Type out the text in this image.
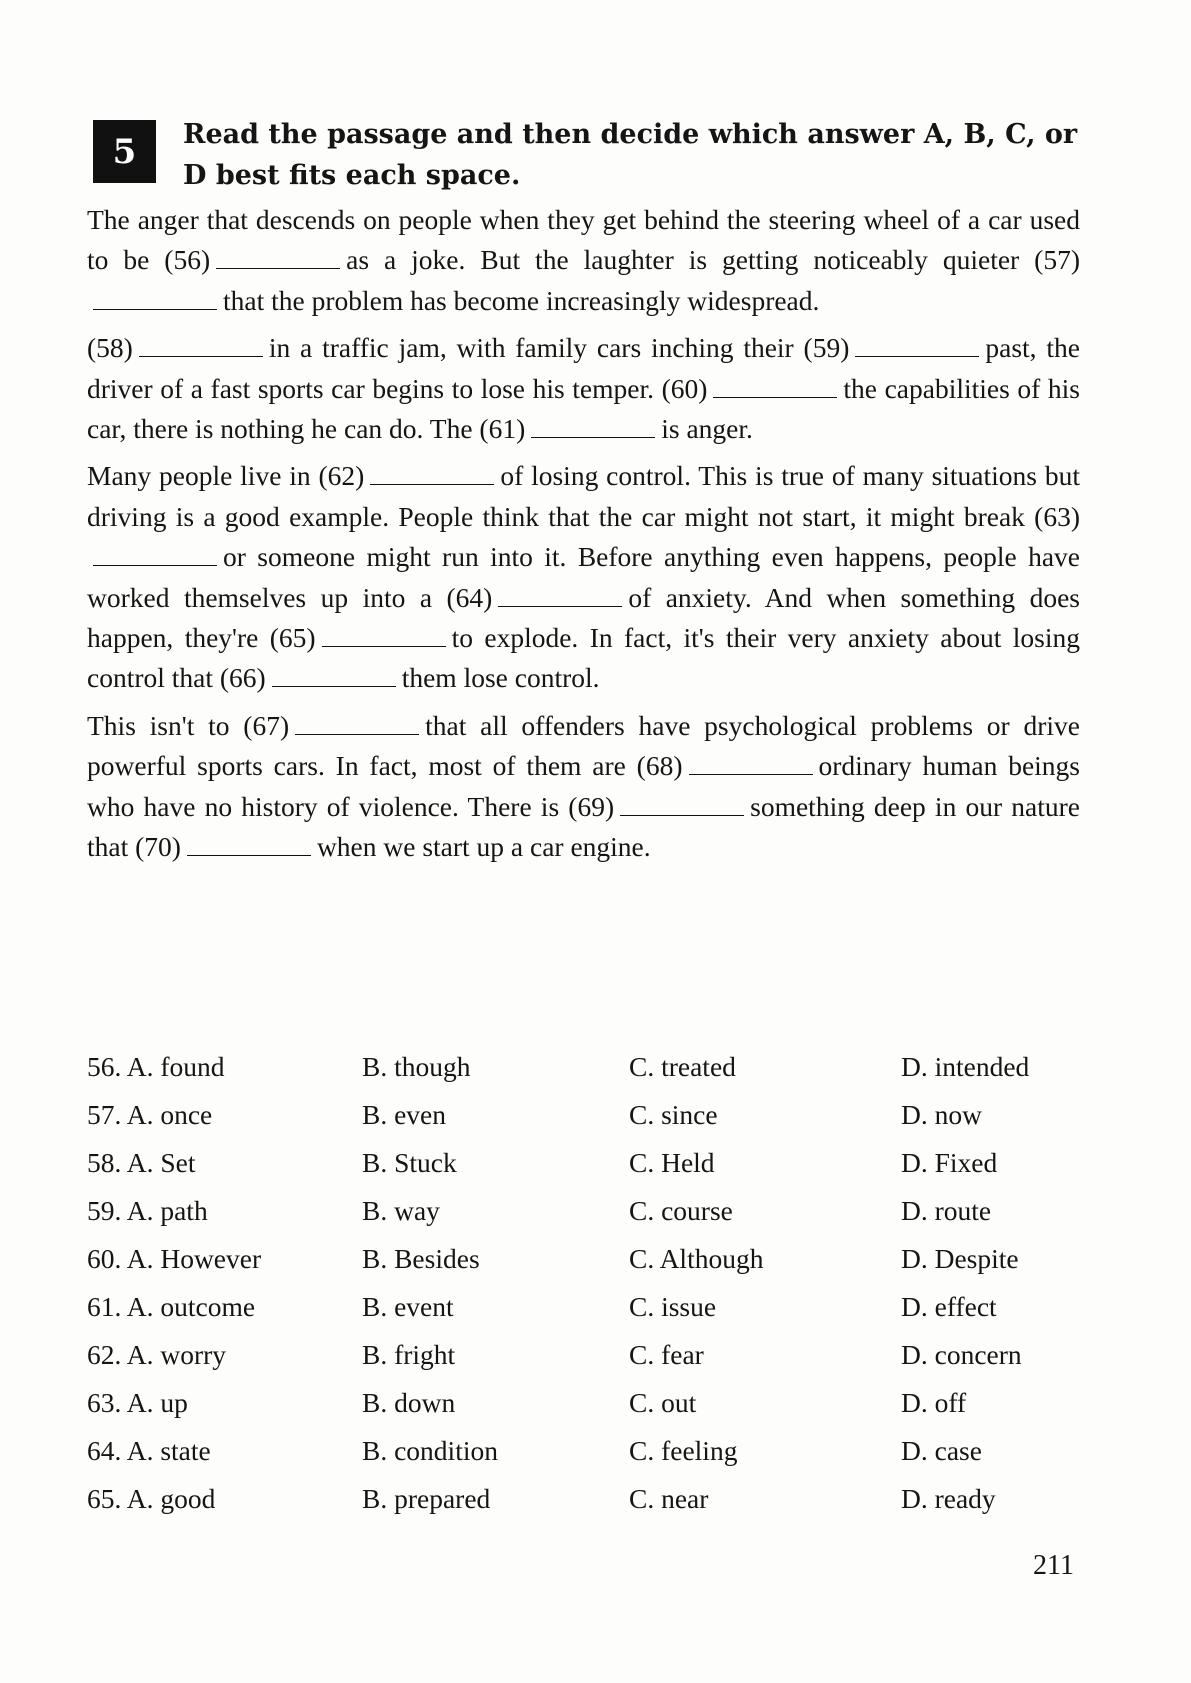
5	Read the passage and then decide which answer A, B, C, or D best fits each space.

The anger that descends on people when they get behind the steering wheel of a car used to be (56)	as a joke. But the laughter is getting noticeably quieter (57)that the problem has become increasingly widespread.

(58)	in a traffic jam, with family cars inching their (59)	past, the driver of a fast sports car begins to lose his temper. (60)	the capabilities of his car, there is nothing he can do. The (61)	is anger.

Many people live in (62)	of losing control. This is true of many situations but driving is a good example. People think that the car might not start, it might break (63)or someone might run into it. Before anything even happens, people have worked themselves up into a (64)	of anxiety. And when something does happen, they're (65)	to explode. In fact, it's their very anxiety about losing control that (66)	them lose control.

This isn't to (67)	that all offenders have psychological problems or drive powerful sports cars. In fact, most of them are (68)	ordinary human beings who have no history of violence. There is (69)	something deep in our nature that (70)	when we start up a car engine.

56. A. found	B. though	C. treated	D. intended
57. A. once	B. even	C. since	D. now
58. A. Set	B. Stuck	C. Held	D. Fixed
59. A. path	B. way	C. course	D. route
60. A. However	B. Besides	C. Although	D. Despite
61. A. outcome	B. event	C. issue	D. effect
62. A. worry	B. fright	C. fear	D. concern
63. A. up	B. down	C. out	D. off
64. A. state	B. condition	C. feeling	D. case
65. A. good	B. prepared	C. near	D. ready
211
